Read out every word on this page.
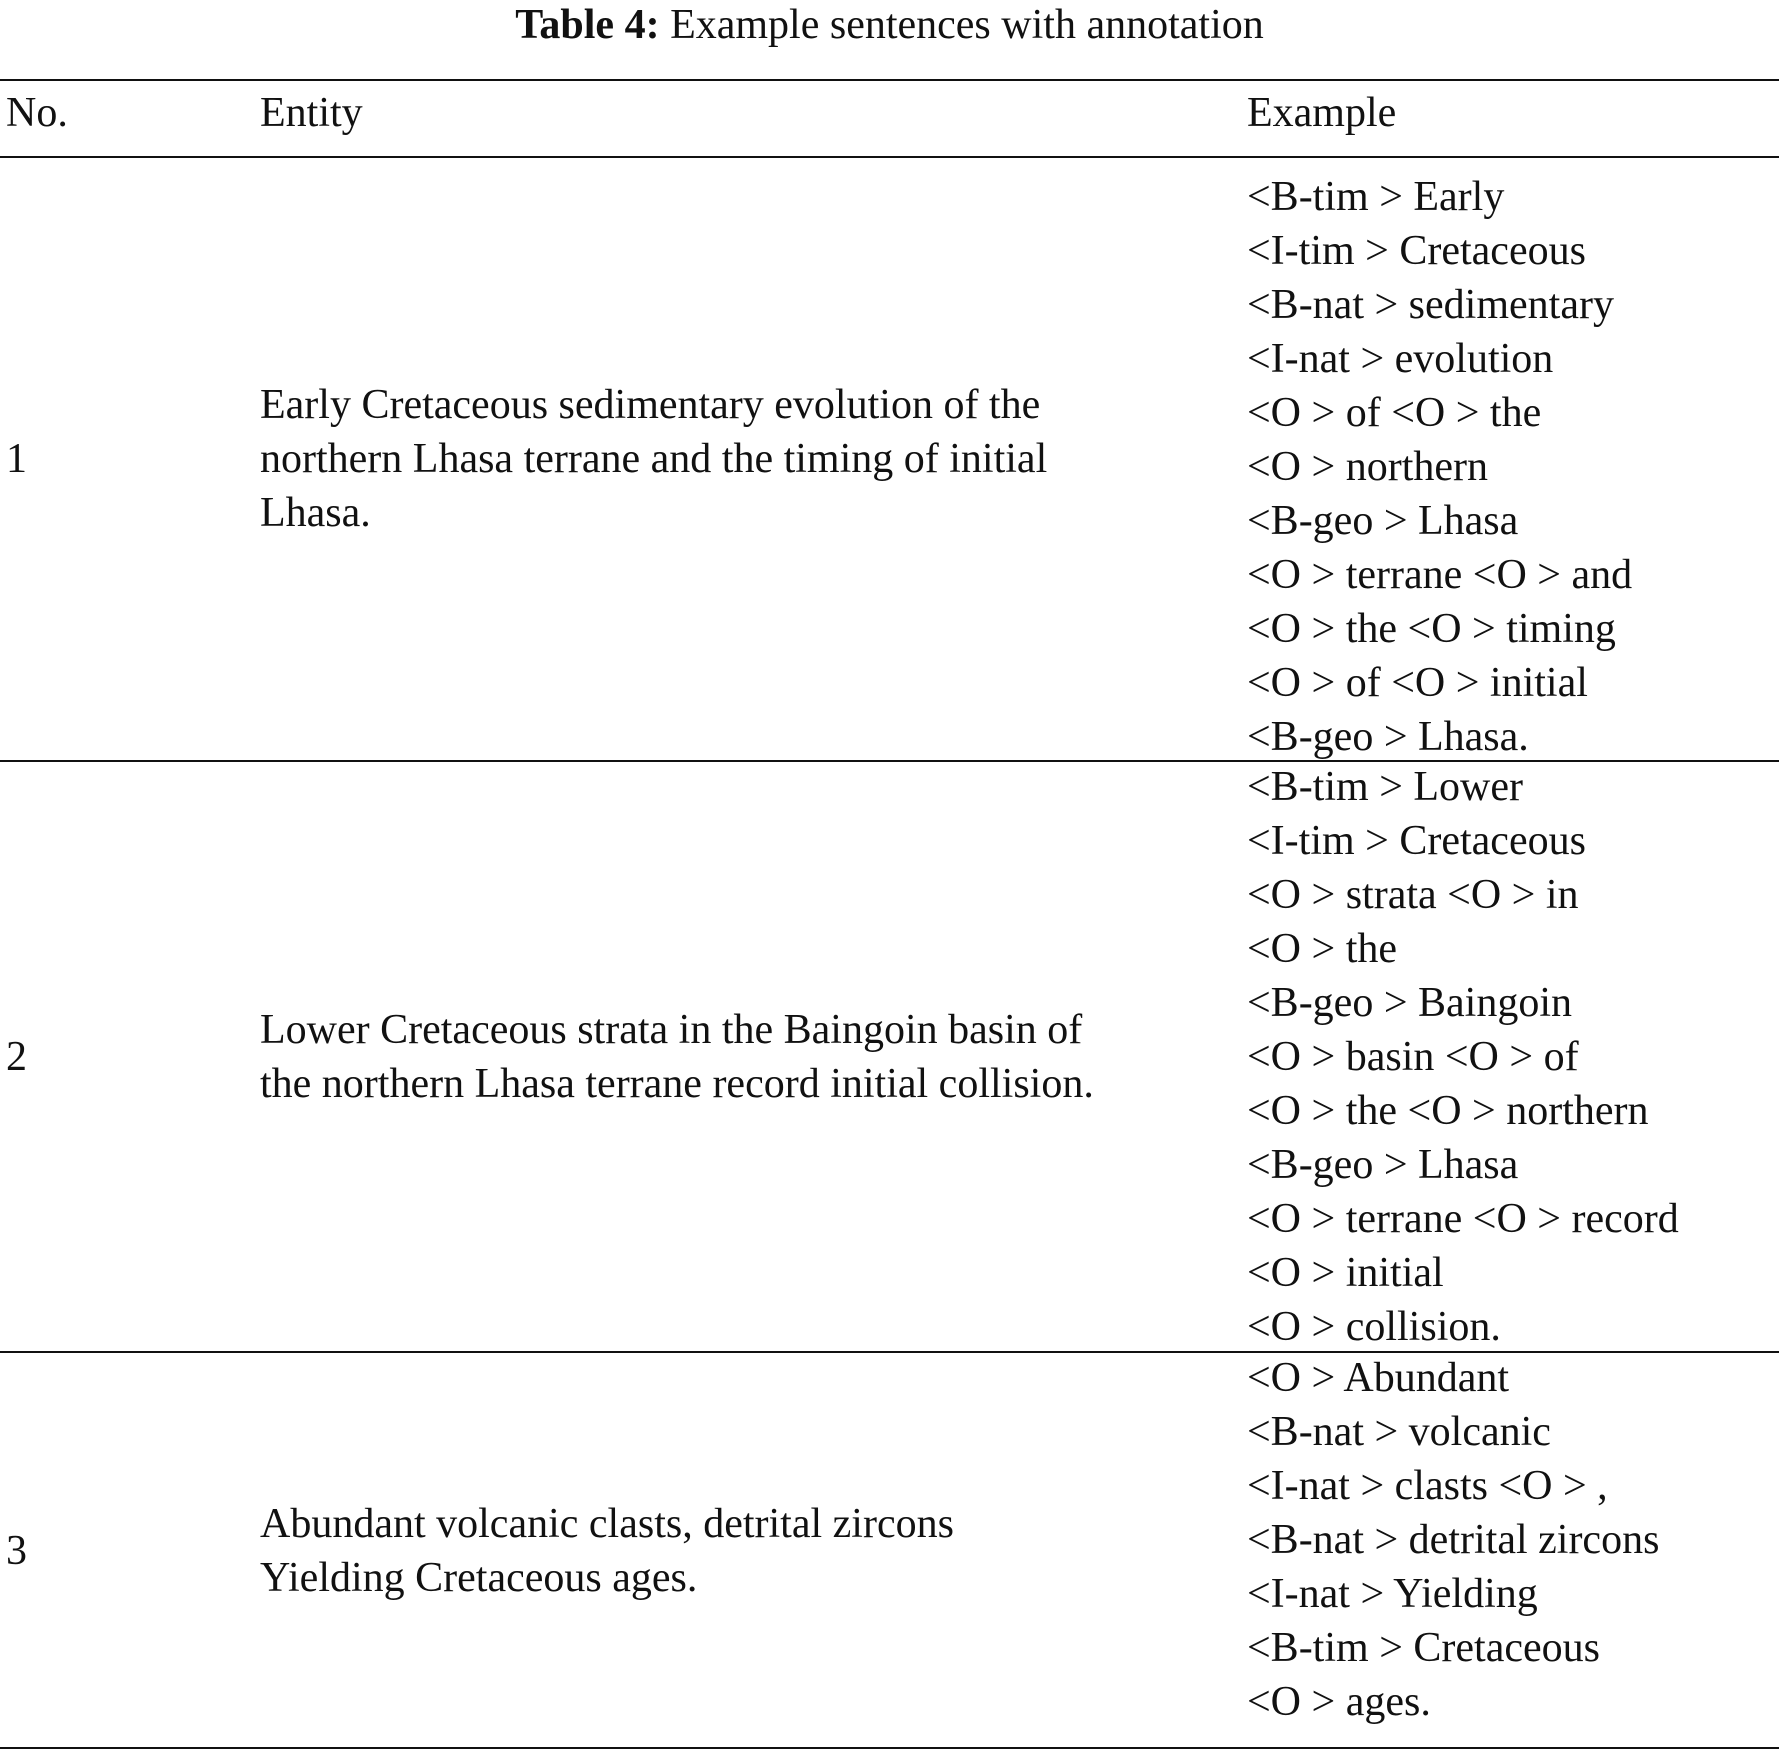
Table 4: Example sentences with annotation
No.	Entity	Example
1
Early Cretaceous sedimentary evolution of the northern Lhasa terrane and the timing of initial Lhasa.
<B-tim > Early
<I-tim > Cretaceous
<B-nat > sedimentary
<I-nat > evolution
<O > of <O > the
<O > northern
<B-geo > Lhasa
<O > terrane <O > and
<O > the <O > timing
<O > of <O > initial
<B-geo > Lhasa.
2
Lower Cretaceous strata in the Baingoin basin of the northern Lhasa terrane record initial collision.
<B-tim > Lower
<I-tim > Cretaceous
<O > strata <O > in
<O > the
<B-geo > Baingoin
<O > basin <O > of
<O > the <O > northern
<B-geo > Lhasa
<O > terrane <O > record
<O > initial
<O > collision.
3
Abundant volcanic clasts, detrital zircons Yielding Cretaceous ages.
<O > Abundant
<B-nat > volcanic
<I-nat > clasts <O > ,
<B-nat > detrital zircons
<I-nat > Yielding
<B-tim > Cretaceous
<O > ages.
